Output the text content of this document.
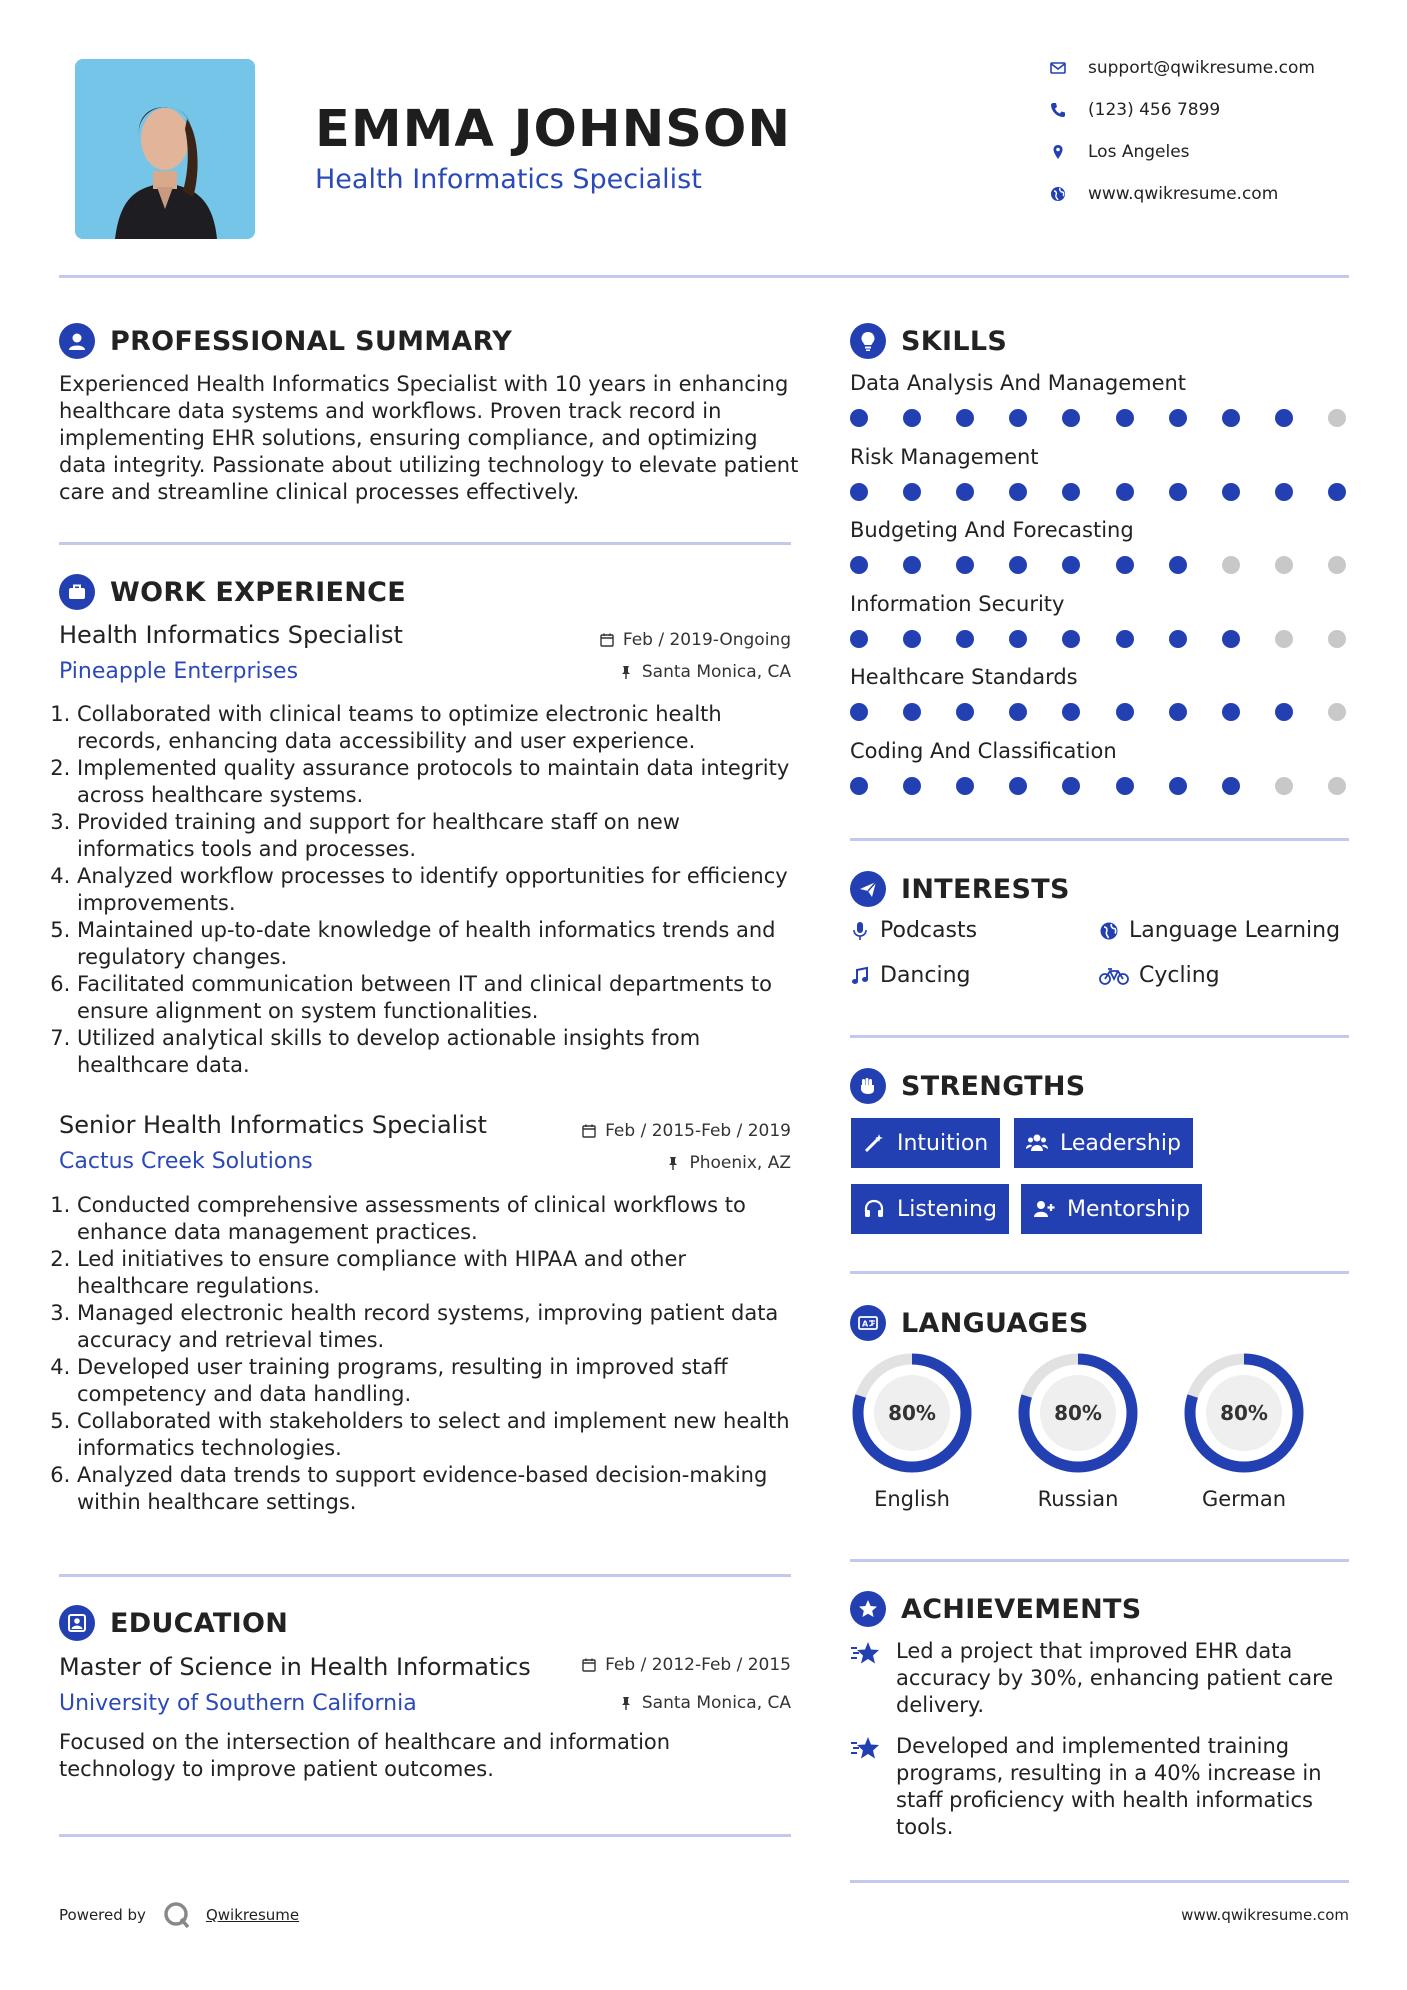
EMMA JOHNSON
Health Informatics Specialist
support@qwikresume.com
(123) 456 7899
Los Angeles
www.qwikresume.com
PROFESSIONAL SUMMARY
Experienced Health Informatics Specialist with 10 years in enhancing healthcare data systems and workflows. Proven track record in implementing EHR solutions, ensuring compliance, and optimizing data integrity. Passionate about utilizing technology to elevate patient care and streamline clinical processes effectively.
WORK EXPERIENCE
Health Informatics Specialist	Feb / 2019-Ongoing
Pineapple Enterprises	Santa Monica, CA
1. Collaborated with clinical teams to optimize electronic health records, enhancing data accessibility and user experience.
2. Implemented quality assurance protocols to maintain data integrity across healthcare systems.
3. Provided training and support for healthcare staff on new informatics tools and processes.
4. Analyzed workflow processes to identify opportunities for efficiency improvements.
5. Maintained up-to-date knowledge of health informatics trends and regulatory changes.
6. Facilitated communication between IT and clinical departments to ensure alignment on system functionalities.
7. Utilized analytical skills to develop actionable insights from healthcare data.
Senior Health Informatics Specialist	Feb / 2015-Feb / 2019
Cactus Creek Solutions	Phoenix, AZ
1. Conducted comprehensive assessments of clinical workflows to enhance data management practices.
2. Led initiatives to ensure compliance with HIPAA and other healthcare regulations.
3. Managed electronic health record systems, improving patient data accuracy and retrieval times.
4. Developed user training programs, resulting in improved staff competency and data handling.
5. Collaborated with stakeholders to select and implement new health informatics technologies.
6. Analyzed data trends to support evidence-based decision-making within healthcare settings.
EDUCATION
Master of Science in Health Informatics	Feb / 2012-Feb / 2015
University of Southern California	Santa Monica, CA
Focused on the intersection of healthcare and information technology to improve patient outcomes.
SKILLS
Data Analysis And Management
Risk Management
Budgeting And Forecasting
Information Security
Healthcare Standards
Coding And Classification
INTERESTS
Podcasts	Language Learning
Dancing	Cycling
STRENGTHS
Intuition	Leadership
Listening	Mentorship
A LANGUAGES
80%
English
80%
Russian
80%
German
ACHIEVEMENTS
Led a project that improved EHR data accuracy by 30%, enhancing patient care delivery.
Developed and implemented training programs, resulting in a 40% increase in staff proficiency with health informatics tools.
Powered by	Qwikresume	www.qwikresume.com
